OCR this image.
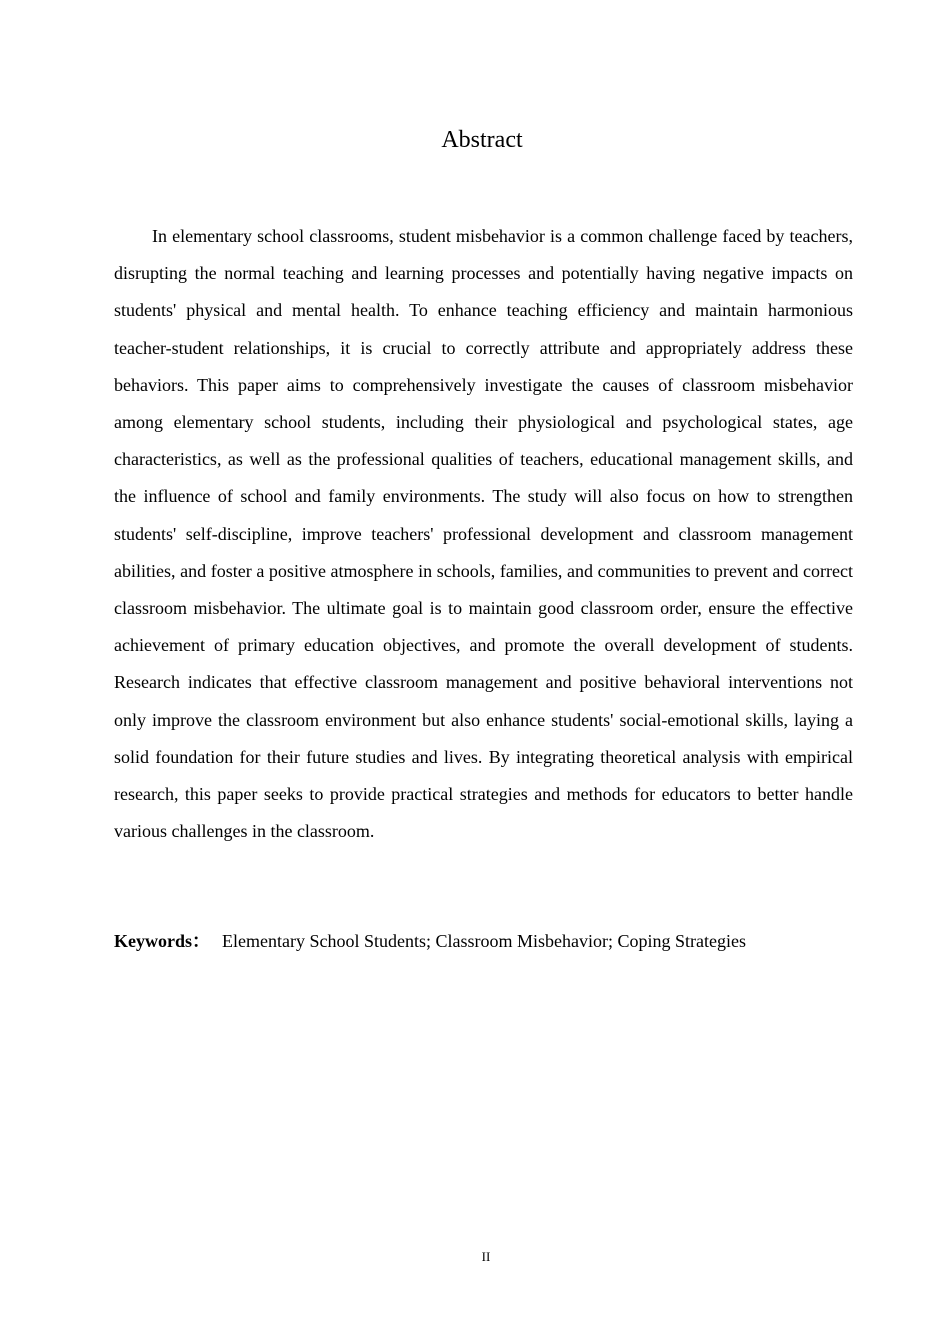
Abstract

In elementary school classrooms, student misbehavior is a common challenge faced by teachers, disrupting the normal teaching and learning processes and potentially having negative impacts on students' physical and mental health. To enhance teaching efficiency and maintain harmonious teacher-student relationships, it is crucial to correctly attribute and appropriately address these behaviors. This paper aims to comprehensively investigate the causes of classroom misbehavior among elementary school students, including their physiological and psychological states, age characteristics, as well as the professional qualities of teachers, educational management skills, and the influence of school and family environments. The study will also focus on how to strengthen students' self-discipline, improve teachers' professional development and classroom management abilities, and foster a positive atmosphere in schools, families, and communities to prevent and correct classroom misbehavior. The ultimate goal is to maintain good classroom order, ensure the effective achievement of primary education objectives, and promote the overall development of students. Research indicates that effective classroom management and positive behavioral interventions not only improve the classroom environment but also enhance students' social-emotional skills, laying a solid foundation for their future studies and lives. By integrating theoretical analysis with empirical research, this paper seeks to provide practical strategies and methods for educators to better handle various challenges in the classroom.

Keywords： Elementary School Students; Classroom Misbehavior; Coping Strategies

II
